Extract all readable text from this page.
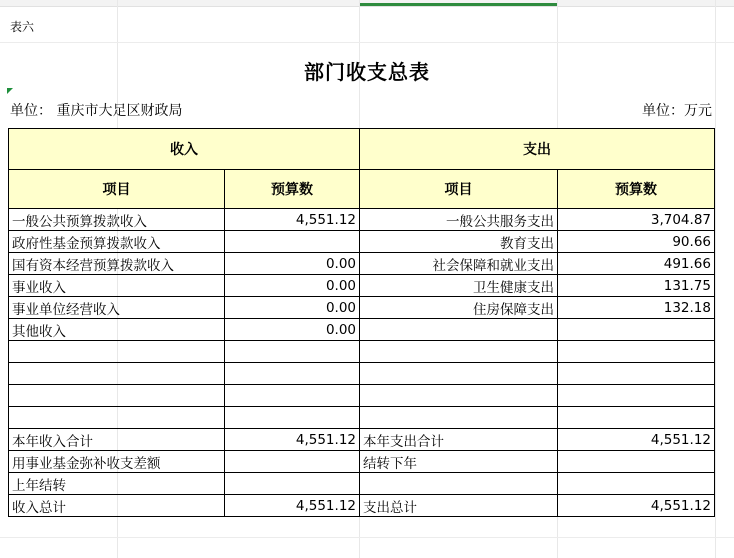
表六
部门收支总表
单位： 重庆市大足区财政局	单位：万元
收入		支出	
项目	预算数	项目	预算数
一般公共预算拨款收入	4,551.12	一般公共服务支出	3,704.87
政府性基金预算拨款收入		教育支出	90.66
国有资本经营预算拨款收入	0.00	社会保障和就业支出	491.66
事业收入	0.00	卫生健康支出	131.75
事业单位经营收入	0.00	住房保障支出	132.18
其他收入	0.00		

本年收入合计	4,551.12	本年支出合计	4,551.12
用事业基金弥补收支差额		结转下年	
上年结转			
收入总计	4,551.12	支出总计	4,551.12
